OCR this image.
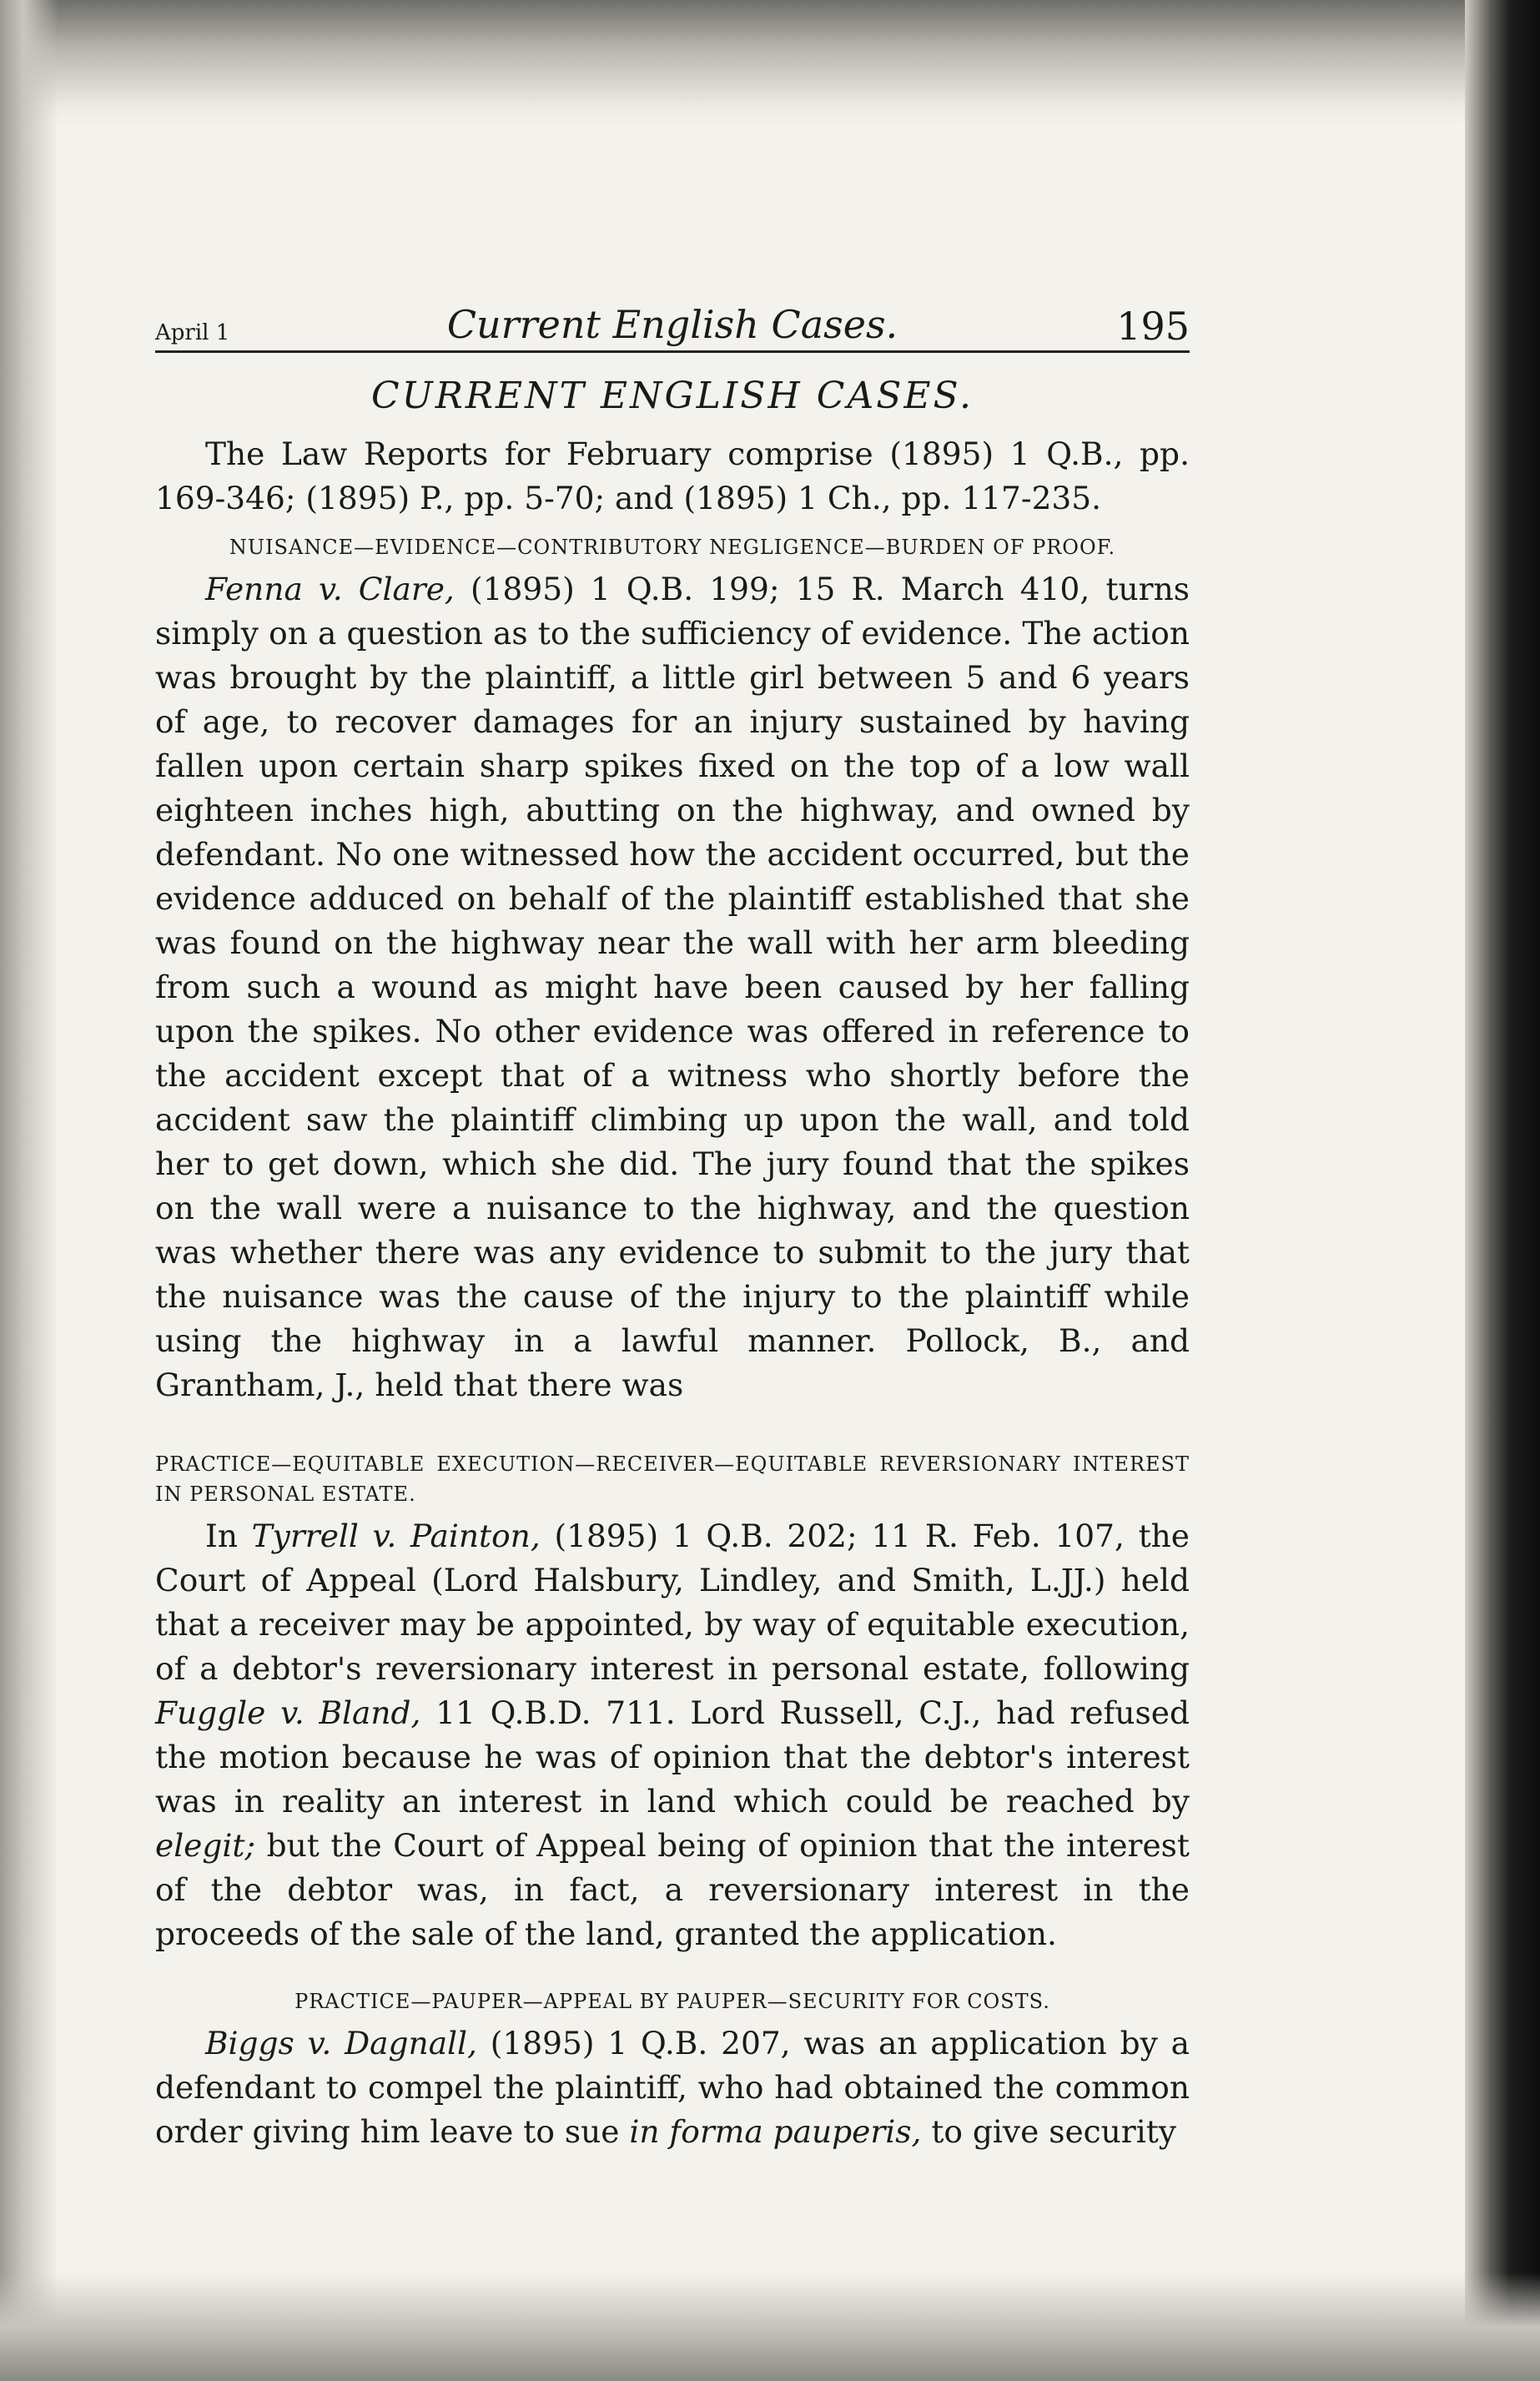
April 1	Current English Cases.	195
CURRENT ENGLISH CASES.

The Law Reports for February comprise (1895) 1 Q.B., pp. 169-346; (1895) P., pp. 5-70; and (1895) 1 Ch., pp. 117-235.

NUISANCE—EVIDENCE—CONTRIBUTORY NEGLIGENCE—BURDEN OF PROOF.

Fenna v. Clare, (1895) 1 Q.B. 199; 15 R. March 410, turns simply on a question as to the sufficiency of evidence. The action was brought by the plaintiff, a little girl between 5 and 6 years of age, to recover damages for an injury sustained by having fallen upon certain sharp spikes fixed on the top of a low wall eighteen inches high, abutting on the highway, and owned by defendant. No one witnessed how the accident occurred, but the evidence adduced on behalf of the plaintiff established that she was found on the highway near the wall with her arm bleeding from such a wound as might have been caused by her falling upon the spikes. No other evidence was offered in reference to the accident except that of a witness who shortly before the accident saw the plaintiff climbing up upon the wall, and told her to get down, which she did. The jury found that the spikes on the wall were a nuisance to the highway, and the question was whether there was any evidence to submit to the jury that the nuisance was the cause of the injury to the plaintiff while using the highway in a lawful manner. Pollock, B., and Grantham, J., held that there was

PRACTICE—EQUITABLE EXECUTION—RECEIVER—EQUITABLE REVERSIONARY INTEREST IN PERSONAL ESTATE.

In Tyrrell v. Painton, (1895) 1 Q.B. 202; 11 R. Feb. 107, the Court of Appeal (Lord Halsbury, Lindley, and Smith, L.JJ.) held that a receiver may be appointed, by way of equitable execution, of a debtor's reversionary interest in personal estate, following Fuggle v. Bland, 11 Q.B.D. 711. Lord Russell, C.J., had refused the motion because he was of opinion that the debtor's interest was in reality an interest in land which could be reached by elegit; but the Court of Appeal being of opinion that the interest of the debtor was, in fact, a reversionary interest in the proceeds of the sale of the land, granted the application.

PRACTICE—PAUPER—APPEAL BY PAUPER—SECURITY FOR COSTS.

Biggs v. Dagnall, (1895) 1 Q.B. 207, was an application by a defendant to compel the plaintiff, who had obtained the common order giving him leave to sue in forma pauperis, to give security
